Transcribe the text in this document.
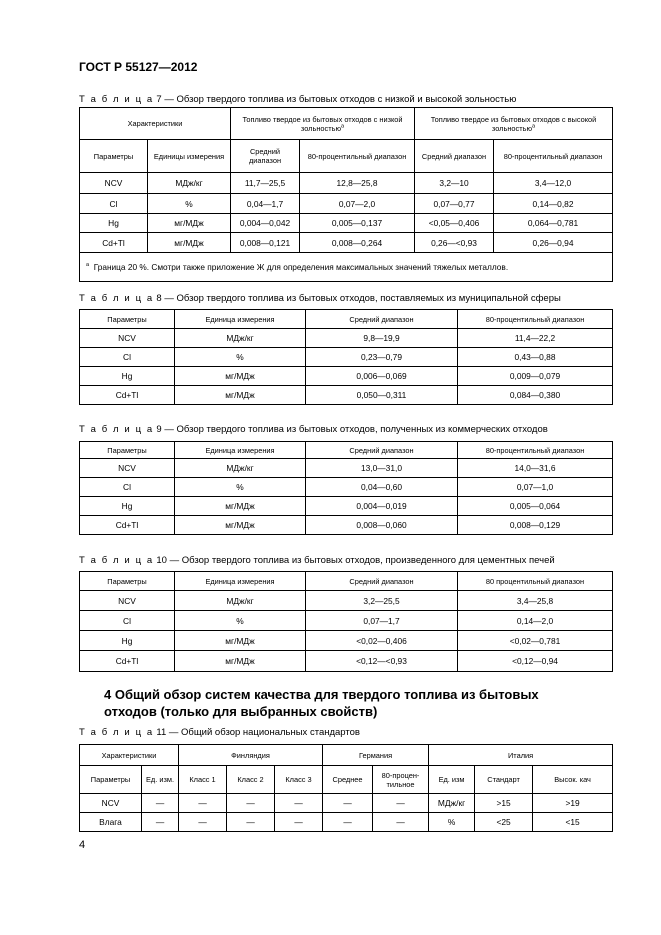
ГОСТ Р 55127—2012
Т а б л и ц а 7 — Обзор твердого топлива из бытовых отходов с низкой и высокой зольностью
Характеристики		Топливо твердое из бытовых отходов с низкой зольностью$^a$		Топливо твердое из бытовых отходов с высокой зольностью$^a$
Параметры	Единицы измерения	Средний диапазон	80-процентильный диапазон	Средний диапазон	80-процентильный диапазон
NCV	МДж/кг	11,7—25,5	12,8—25,8	3,2—10	3,4—12,0
Cl	%	0,04—1,7	0,07—2,0	0,07—0,77	0,14—0,82
Hg	мг/МДж	0,004—0,042	0,005—0,137	<0,05—0,406	0,064—0,781
Cd+Tl	мг/МДж	0,008—0,121	0,008—0,264	0,26—<0,93	0,26—0,94
$^a$ Граница 20 %. Смотри также приложение Ж для определения максимальных значений тяжелых металлов.					
Т а б л и ц а 8 — Обзор твердого топлива из бытовых отходов, поставляемых из муниципальной сферы
Параметры	Единица измерения	Средний диапазон	80-процентильный диапазон
NCV	МДж/кг	9,8—19,9	11,4—22,2
Cl	%	0,23—0,79	0,43—0,88
Hg	мг/МДж	0,006—0,069	0,009—0,079
Cd+Tl	мг/МДж	0,050—0,311	0,084—0,380
Т а б л и ц а 9 — Обзор твердого топлива из бытовых отходов, полученных из коммерческих отходов
Параметры	Единица измерения	Средний диапазон	80-процентильный диапазон
NCV	МДж/кг	13,0—31,0	14,0—31,6
Cl	%	0,04—0,60	0,07—1,0
Hg	мг/МДж	0,004—0,019	0,005—0,064
Cd+Tl	мг/МДж	0,008—0,060	0,008—0,129
Т а б л и ц а 10 — Обзор твердого топлива из бытовых отходов, произведенного для цементных печей
Параметры	Единица измерения	Средний диапазон	80 процентильный диапазон
NCV	МДж/кг	3,2—25,5	3,4—25,8
Cl	%	0,07—1,7	0,14—2,0
Hg	мг/МДж	<0,02—0,406	<0,02—0,781
Cd+Tl	мг/МДж	<0,12—<0,93	<0,12—0,94
4 Общий обзор систем качества для твердого топлива из бытовых отходов (только для выбранных свойств)
Т а б л и ц а 11 — Общий обзор национальных стандартов
Характеристики		Финляндия			Германия		Италия		
Параметры	Ед. изм.	Класс 1	Класс 2	Класс 3	Среднее	80-процен-тильное	Ед. изм	Стандарт	Высок. кач
NCV	—	—	—	—	—	—	МДж/кг	>15	>19
Влага	—	—	—	—	—	—	%	<25	<15
4
